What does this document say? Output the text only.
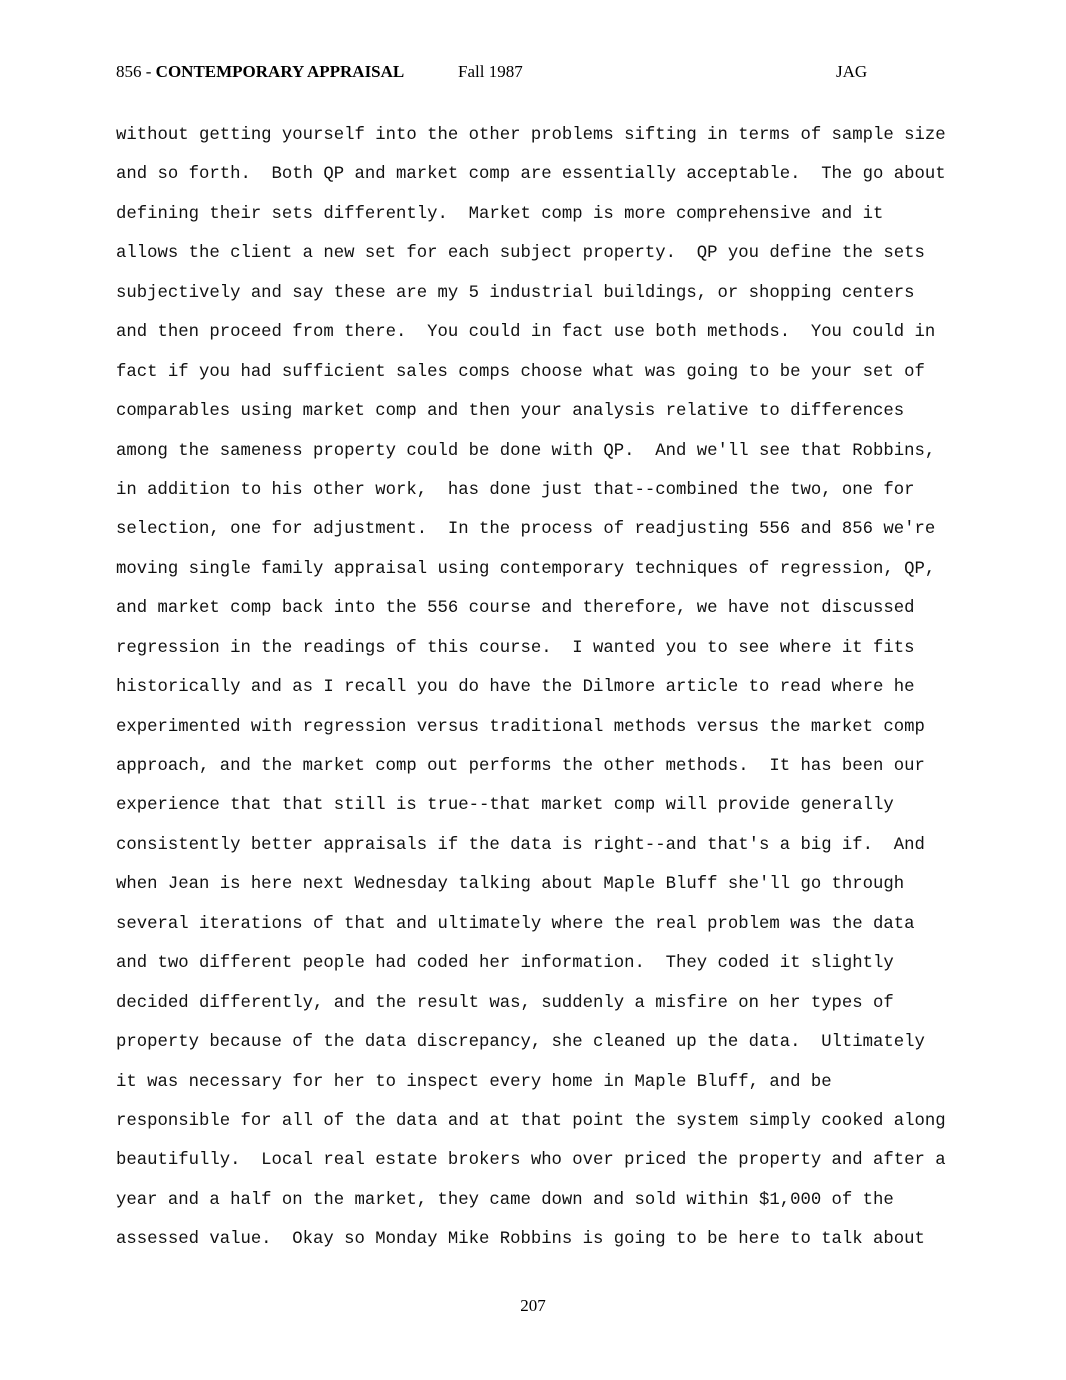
856 - CONTEMPORARY APPRAISAL	Fall 1987	JAG
without getting yourself into the other problems sifting in terms of sample size
and so forth.  Both QP and market comp are essentially acceptable.  The go about
defining their sets differently.  Market comp is more comprehensive and it
allows the client a new set for each subject property.  QP you define the sets
subjectively and say these are my 5 industrial buildings, or shopping centers
and then proceed from there.  You could in fact use both methods.  You could in
fact if you had sufficient sales comps choose what was going to be your set of
comparables using market comp and then your analysis relative to differences
among the sameness property could be done with QP.  And we'll see that Robbins,
in addition to his other work,  has done just that--combined the two, one for
selection, one for adjustment.  In the process of readjusting 556 and 856 we're
moving single family appraisal using contemporary techniques of regression, QP,
and market comp back into the 556 course and therefore, we have not discussed
regression in the readings of this course.  I wanted you to see where it fits
historically and as I recall you do have the Dilmore article to read where he
experimented with regression versus traditional methods versus the market comp
approach, and the market comp out performs the other methods.  It has been our
experience that that still is true--that market comp will provide generally
consistently better appraisals if the data is right--and that's a big if.  And
when Jean is here next Wednesday talking about Maple Bluff she'll go through
several iterations of that and ultimately where the real problem was the data
and two different people had coded her information.  They coded it slightly
decided differently, and the result was, suddenly a misfire on her types of
property because of the data discrepancy, she cleaned up the data.  Ultimately
it was necessary for her to inspect every home in Maple Bluff, and be
responsible for all of the data and at that point the system simply cooked along
beautifully.  Local real estate brokers who over priced the property and after a
year and a half on the market, they came down and sold within $1,000 of the
assessed value.  Okay so Monday Mike Robbins is going to be here to talk about
207
